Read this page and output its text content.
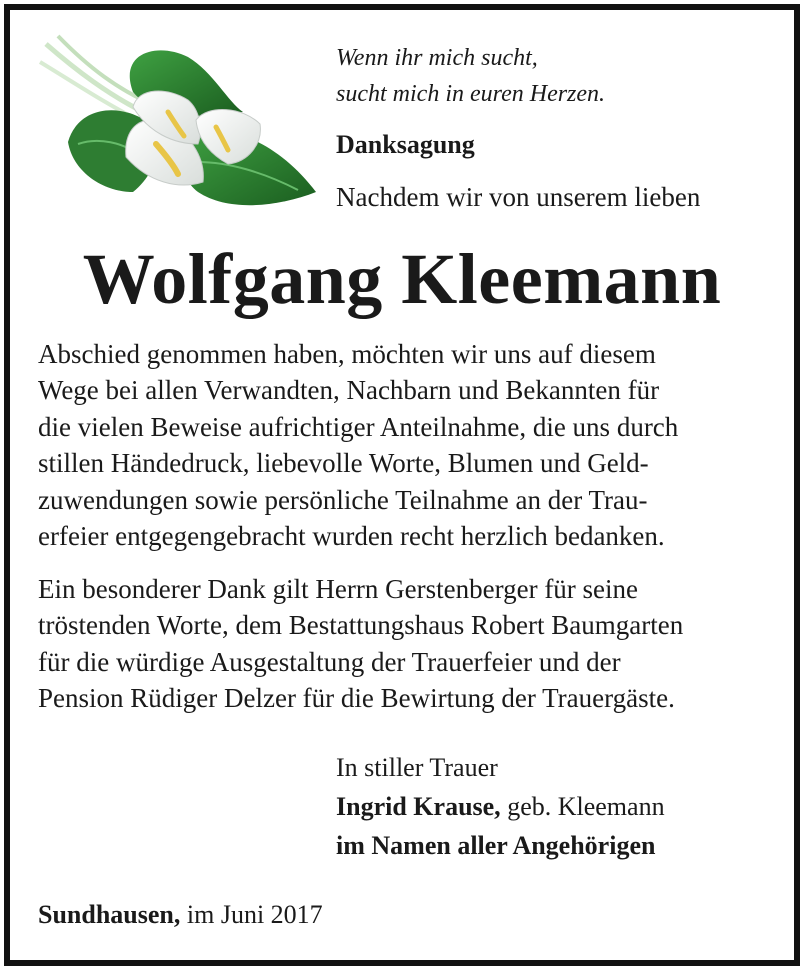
Wenn ihr mich sucht,
sucht mich in euren Herzen.
Danksagung
Nachdem wir von unserem lieben
Wolfgang Kleemann
Abschied genommen haben, möchten wir uns auf diesem
Wege bei allen Verwandten, Nachbarn und Bekannten für
die vielen Beweise aufrichtiger Anteilnahme, die uns durch
stillen Händedruck, liebevolle Worte, Blumen und Geld-
zuwendungen sowie persönliche Teilnahme an der Trau-
erfeier entgegengebracht wurden recht herzlich bedanken.
Ein besonderer Dank gilt Herrn Gerstenberger für seine
tröstenden Worte, dem Bestattungshaus Robert Baumgarten
für die würdige Ausgestaltung der Trauerfeier und der
Pension Rüdiger Delzer für die Bewirtung der Trauergäste.
In stiller Trauer
Ingrid Krause, geb. Kleemann
im Namen aller Angehörigen
Sundhausen, im Juni 2017
